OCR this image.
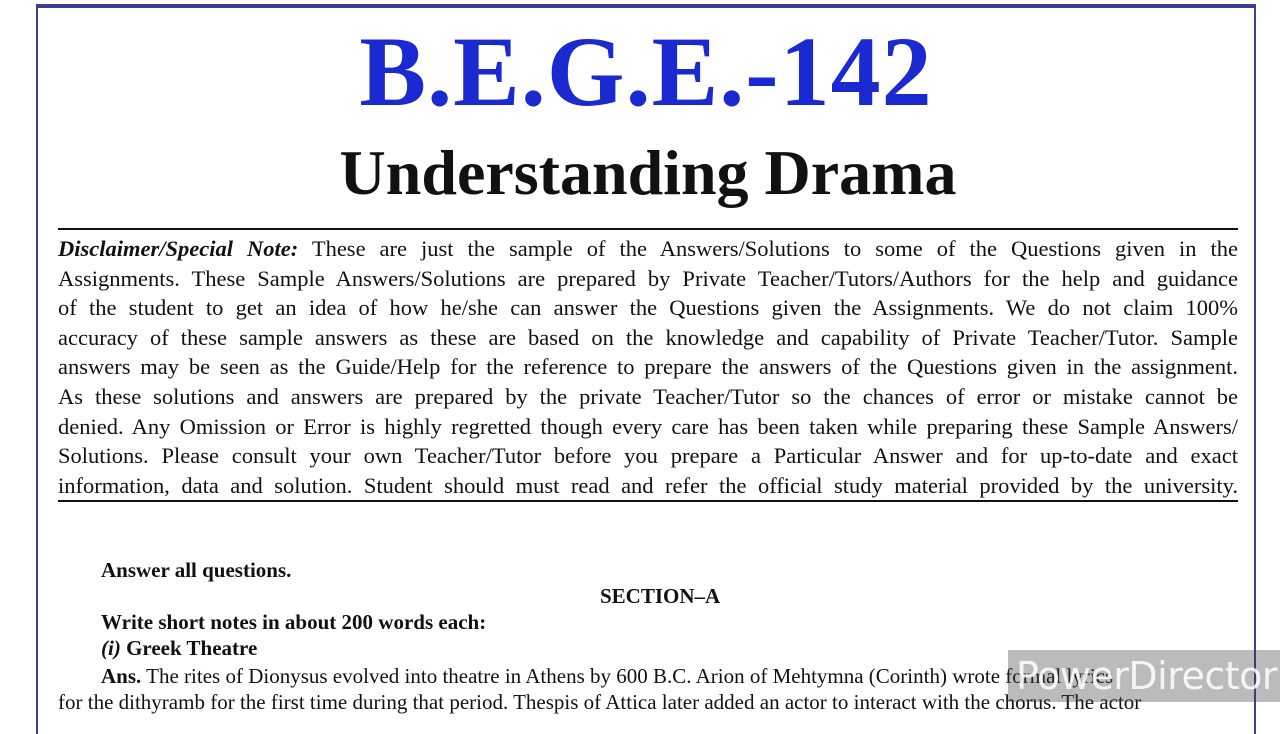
B.E.G.E.-142
Understanding Drama

Disclaimer/Special Note: These are just the sample of the Answers/Solutions to some of the Questions given in the

Assignments. These Sample Answers/Solutions are prepared by Private Teacher/Tutors/Authors for the help and guidance

of the student to get an idea of how he/she can answer the Questions given the Assignments. We do not claim 100%

accuracy of these sample answers as these are based on the knowledge and capability of Private Teacher/Tutor. Sample

answers may be seen as the Guide/Help for the reference to prepare the answers of the Questions given in the assignment.

As these solutions and answers are prepared by the private Teacher/Tutor so the chances of error or mistake cannot be

denied. Any Omission or Error is highly regretted though every care has been taken while preparing these Sample Answers/

Solutions. Please consult your own Teacher/Tutor before you prepare a Particular Answer and for up-to-date and exact

information, data and solution. Student should must read and refer the official study material provided by the university.

Answer all questions.
SECTION–A
Write short notes in about 200 words each:
(i) Greek Theatre
Ans. The rites of Dionysus evolved into theatre in Athens by 600 B.C. Arion of Mehtymna (Corinth) wrote formal lyrics
for the dithyramb for the first time during that period. Thespis of Attica later added an actor to interact with the chorus. The actor
PowerDirector
